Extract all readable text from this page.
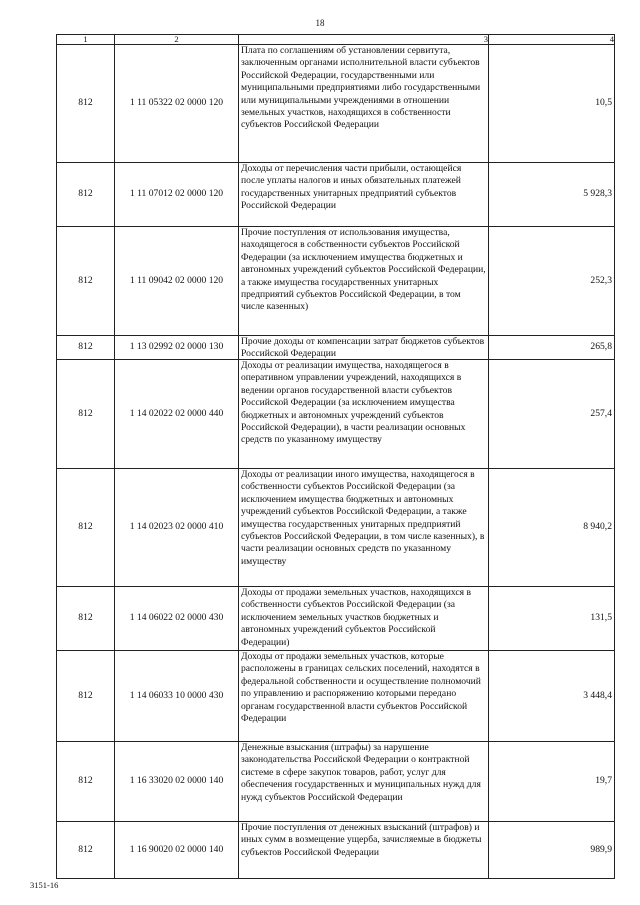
18
1	2	3	4
812	1 11 05322 02 0000 120	Плата по соглашениям об установлении сервитута, заключенным органами исполнительной власти субъектов Российской Федерации, государственными или муниципальными предприятиями либо государственными или муниципальными учреждениями в отношении земельных участков, находящихся в собственности субъектов Российской Федерации	10,5
812	1 11 07012 02 0000 120	Доходы от перечисления части прибыли, остающейся после уплаты налогов и иных обязательных платежей государственных унитарных предприятий субъектов Российской Федерации	5 928,3
812	1 11 09042 02 0000 120	Прочие поступления от использования имущества, находящегося в собственности субъектов Российской Федерации (за исключением имущества бюджетных и автономных учреждений субъектов Российской Федерации, а также имущества государственных унитарных предприятий субъектов Российской Федерации, в том числе казенных)	252,3
812	1 13 02992 02 0000 130	Прочие доходы от компенсации затрат бюджетов субъектов Российской Федерации	265,8
812	1 14 02022 02 0000 440	Доходы от реализации имущества, находящегося в оперативном управлении учреждений, находящихся в ведении органов государственной власти субъектов Российской Федерации (за исключением имущества бюджетных и автономных учреждений субъектов Российской Федерации), в части реализации основных средств по указанному имуществу	257,4
812	1 14 02023 02 0000 410	Доходы от реализации иного имущества, находящегося в собственности субъектов Российской Федерации (за исключением имущества бюджетных и автономных учреждений субъектов Российской Федерации, а также имущества государственных унитарных предприятий субъектов Российской Федерации, в том числе казенных), в части реализации основных средств по указанному имуществу	8 940,2
812	1 14 06022 02 0000 430	Доходы от продажи земельных участков, находящихся в собственности субъектов Российской Федерации (за исключением земельных участков бюджетных и автономных учреждений субъектов Российской Федерации)	131,5
812	1 14 06033 10 0000 430	Доходы от продажи земельных участков, которые расположены в границах сельских поселений, находятся в федеральной собственности и осуществление полномочий по управлению и распоряжению которыми передано органам государственной власти субъектов Российской Федерации	3 448,4
812	1 16 33020 02 0000 140	Денежные взыскания (штрафы) за нарушение законодательства Российской Федерации о контрактной системе в сфере закупок товаров, работ, услуг для обеспечения государственных и муниципальных нужд для нужд субъектов Российской Федерации	19,7
812	1 16 90020 02 0000 140	Прочие поступления от денежных взысканий (штрафов) и иных сумм в возмещение ущерба, зачисляемые в бюджеты субъектов Российской Федерации	989,9
3151-16
